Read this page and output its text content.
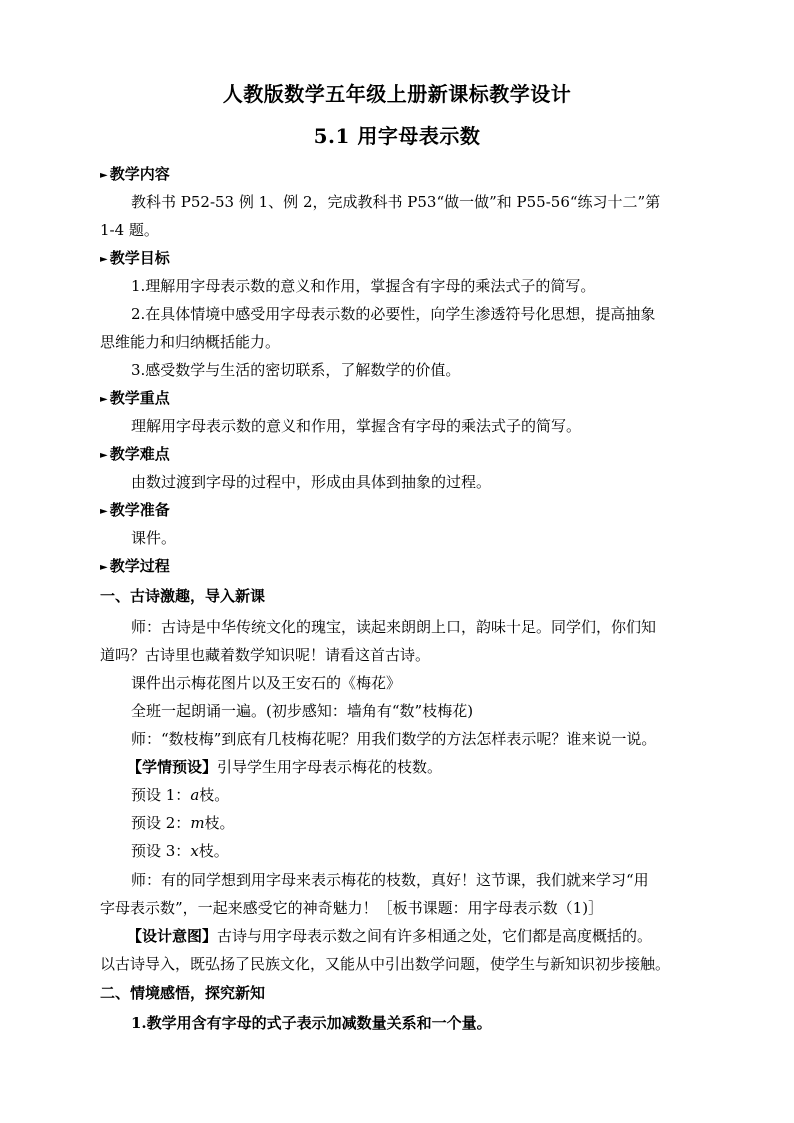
人教版数学五年级上册新课标教学设计
5.1 用字母表示数
► 教学内容
教科书 P52-53 例 1、例 2，完成教科书 P53“做一做”和 P55-56“练习十二”第
1-4 题。
► 教学目标
1.理解用字母表示数的意义和作用，掌握含有字母的乘法式子的简写。
2.在具体情境中感受用字母表示数的必要性，向学生渗透符号化思想，提高抽象
思维能力和归纳概括能力。
3.感受数学与生活的密切联系，了解数学的价值。
► 教学重点
理解用字母表示数的意义和作用，掌握含有字母的乘法式子的简写。
► 教学难点
由数过渡到字母的过程中，形成由具体到抽象的过程。
► 教学准备
课件。
► 教学过程
一、古诗激趣，导入新课
师：古诗是中华传统文化的瑰宝，读起来朗朗上口，韵味十足。同学们，你们知
道吗？古诗里也藏着数学知识呢！请看这首古诗。
课件出示梅花图片以及王安石的《梅花》
全班一起朗诵一遍。(初步感知：墙角有“数”枝梅花)
师：“数枝梅”到底有几枝梅花呢？用我们数学的方法怎样表示呢？谁来说一说。
【学情预设】引导学生用字母表示梅花的枝数。
预设 1：a枝。
预设 2：m枝。
预设 3：x枝。
师：有的同学想到用字母来表示梅花的枝数，真好！这节课，我们就来学习“用
字母表示数”，一起来感受它的神奇魅力！［板书课题：用字母表示数（1)］
【设计意图】古诗与用字母表示数之间有许多相通之处，它们都是高度概括的。
以古诗导入，既弘扬了民族文化，又能从中引出数学问题，使学生与新知识初步接触。
二、情境感悟，探究新知
1.教学用含有字母的式子表示加减数量关系和一个量。
